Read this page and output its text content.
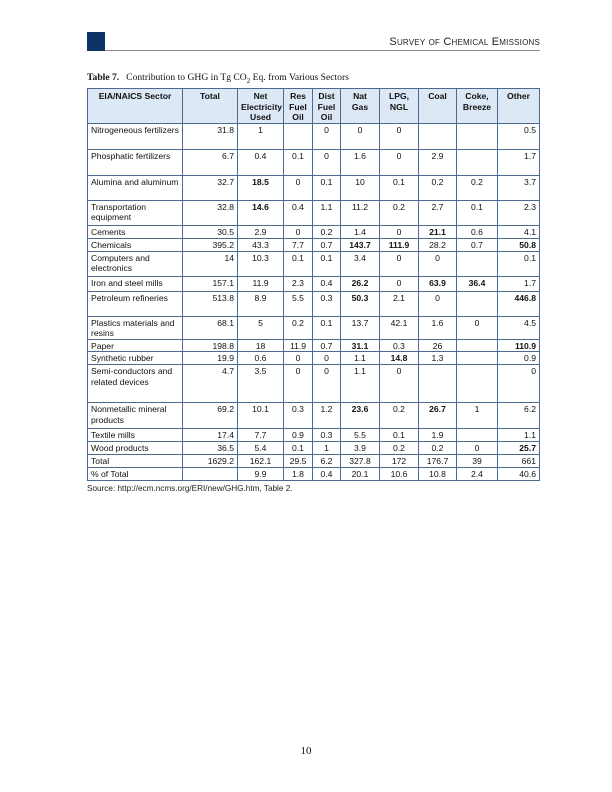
Survey of Chemical Emissions
Table 7. Contribution to GHG in Tg $CO_2$ Eq. from Various Sectors
EIA/NAICS Sector	Total	Net Electricity Used	Res Fuel Oil	Dist Fuel Oil	Nat Gas	LPG, NGL	Coal	Coke, Breeze	Other
Nitrogeneous fertilizers	31.8	1		0	0	0			0.5
Phosphatic fertilizers	6.7	0.4	0.1	0	1.6	0	2.9		1.7
Alumina and aluminum	32.7	18.5	0	0.1	10	0.1	0.2	0.2	3.7
Transportation equipment	32.8	14.6	0.4	1.1	11.2	0.2	2.7	0.1	2.3
Cements	30.5	2.9	0	0.2	1.4	0	21.1	0.6	4.1
Chemicals	395.2	43.3	7.7	0.7	143.7	111.9	28.2	0.7	50.8
Computers and electronics	14	10.3	0.1	0.1	3.4	0	0		0.1
Iron and steel mills	157.1	11.9	2.3	0.4	26.2	0	63.9	36.4	1.7
Petroleum refineries	513.8	8.9	5.5	0.3	50.3	2.1	0		446.8
Plastics materials and resins	68.1	5	0.2	0.1	13.7	42.1	1.6	0	4.5
Paper	198.8	18	11.9	0.7	31.1	0.3	26		110.9
Synthetic rubber	19.9	0.6	0	0	1.1	14.8	1.3		0.9
Semi-conductors and related devices	4.7	3.5	0	0	1.1	0			0
Nonmetallic mineral products	69.2	10.1	0.3	1.2	23.6	0.2	26.7	1	6.2
Textile mills	17.4	7.7	0.9	0.3	5.5	0.1	1.9		1.1
Wood products	36.5	5.4	0.1	1	3.9	0.2	0.2	0	25.7
Total	1629.2	162.1	29.5	6.2	327.8	172	176.7	39	661
% of Total		9.9	1.8	0.4	20.1	10.6	10.8	2.4	40.6
Source: http://ecm.ncms.org/ERI/new/GHG.htm, Table 2.
10
